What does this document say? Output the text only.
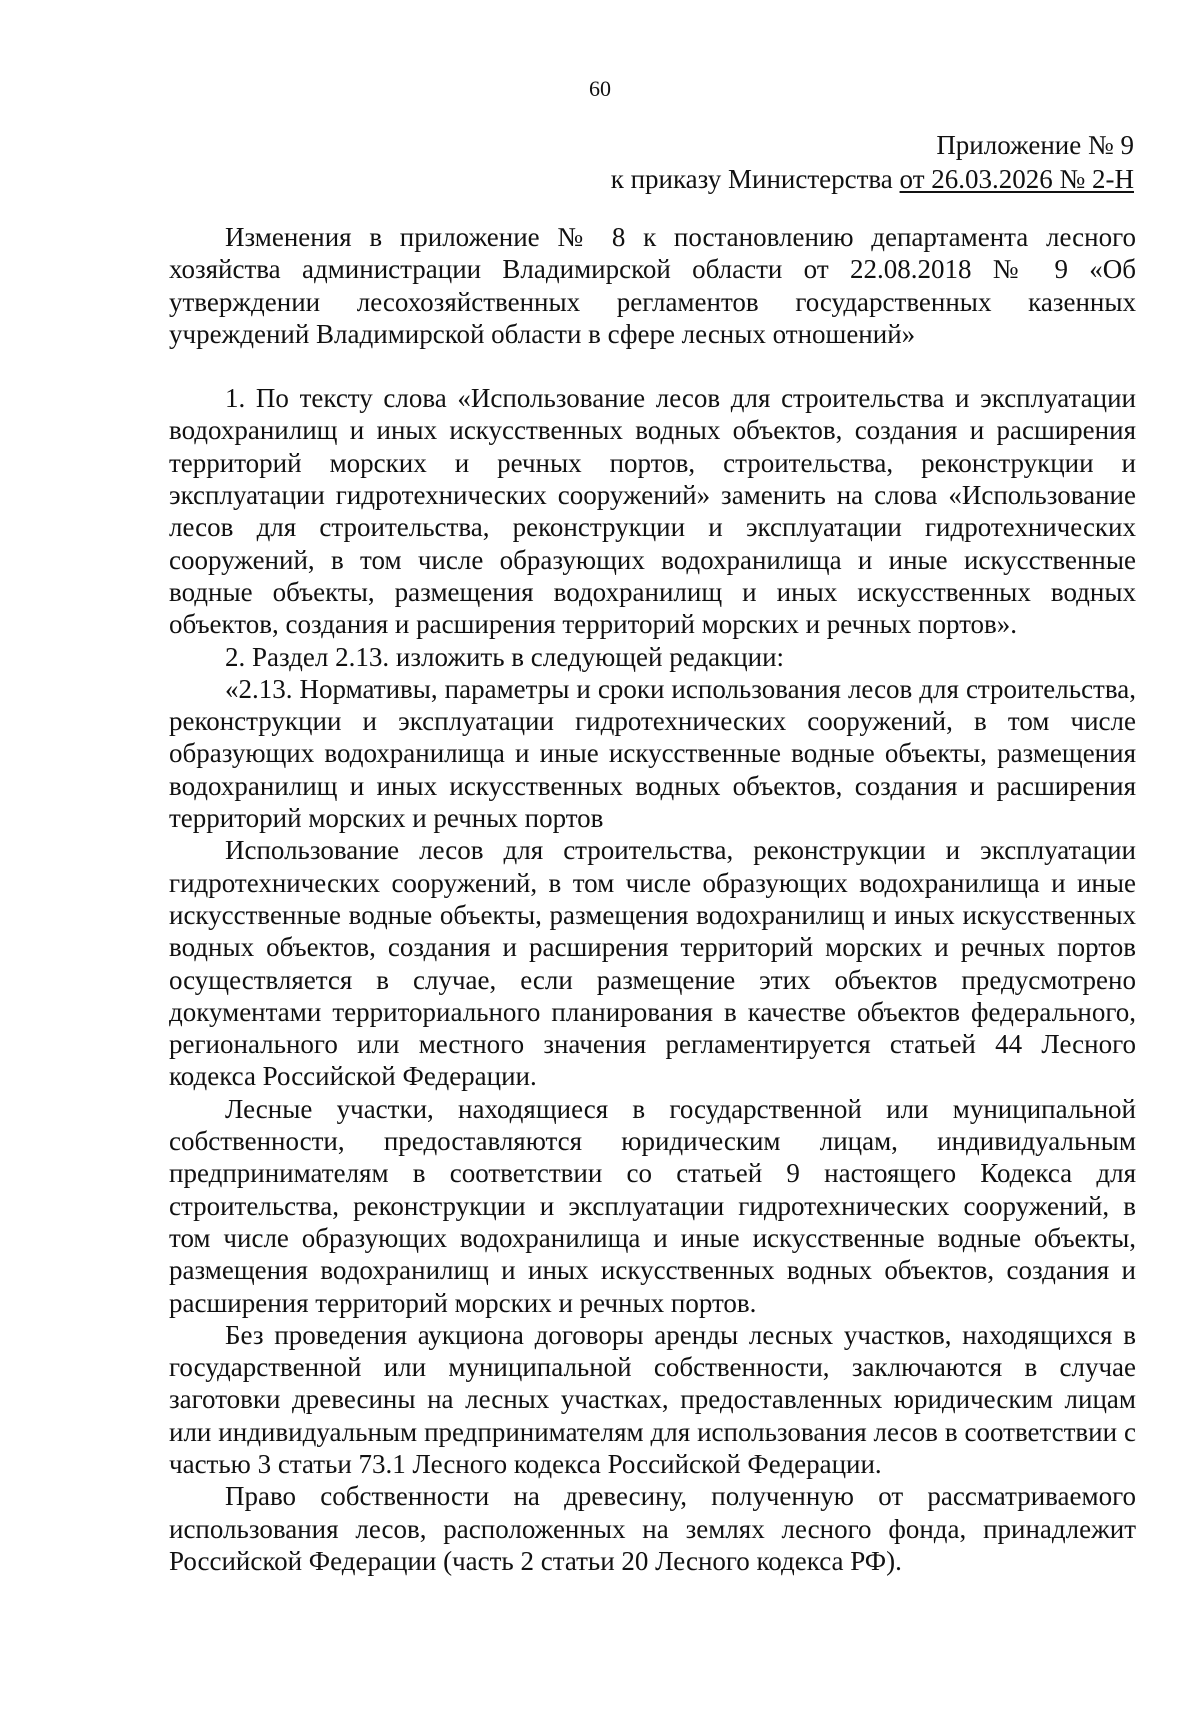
60
Приложение № 9
к приказу Министерства от 26.03.2026 № 2-Н

Изменения в приложение № 8 к постановлению департамента лесного хозяйства администрации Владимирской области от 22.08.2018 № 9 «Об утверждении лесохозяйственных регламентов государственных казенных учреждений Владимирской области в сфере лесных отношений»

1. По тексту слова «Использование лесов для строительства и эксплуатации водохранилищ и иных искусственных водных объектов, создания и расширения территорий морских и речных портов, строительства, реконструкции и эксплуатации гидротехнических сооружений» заменить на слова «Использование лесов для строительства, реконструкции и эксплуатации гидротехнических сооружений, в том числе образующих водохранилища и иные искусственные водные объекты, размещения водохранилищ и иных искусственных водных объектов, создания и расширения территорий морских и речных портов».

2. Раздел 2.13. изложить в следующей редакции:

«2.13. Нормативы, параметры и сроки использования лесов для строительства, реконструкции и эксплуатации гидротехнических сооружений, в том числе образующих водохранилища и иные искусственные водные объекты, размещения водохранилищ и иных искусственных водных объектов, создания и расширения территорий морских и речных портов

Использование лесов для строительства, реконструкции и эксплуатации гидротехнических сооружений, в том числе образующих водохранилища и иные искусственные водные объекты, размещения водохранилищ и иных искусственных водных объектов, создания и расширения территорий морских и речных портов осуществляется в случае, если размещение этих объектов предусмотрено документами территориального планирования в качестве объектов федерального, регионального или местного значения регламентируется статьей 44 Лесного кодекса Российской Федерации.

Лесные участки, находящиеся в государственной или муниципальной собственности, предоставляются юридическим лицам, индивидуальным предпринимателям в соответствии со статьей 9 настоящего Кодекса для строительства, реконструкции и эксплуатации гидротехнических сооружений, в том числе образующих водохранилища и иные искусственные водные объекты, размещения водохранилищ и иных искусственных водных объектов, создания и расширения территорий морских и речных портов.

Без проведения аукциона договоры аренды лесных участков, находящихся в государственной или муниципальной собственности, заключаются в случае заготовки древесины на лесных участках, предоставленных юридическим лицам или индивидуальным предпринимателям для использования лесов в соответствии с частью 3 статьи 73.1 Лесного кодекса Российской Федерации.

Право собственности на древесину, полученную от рассматриваемого использования лесов, расположенных на землях лесного фонда, принадлежит Российской Федерации (часть 2 статьи 20 Лесного кодекса РФ).
